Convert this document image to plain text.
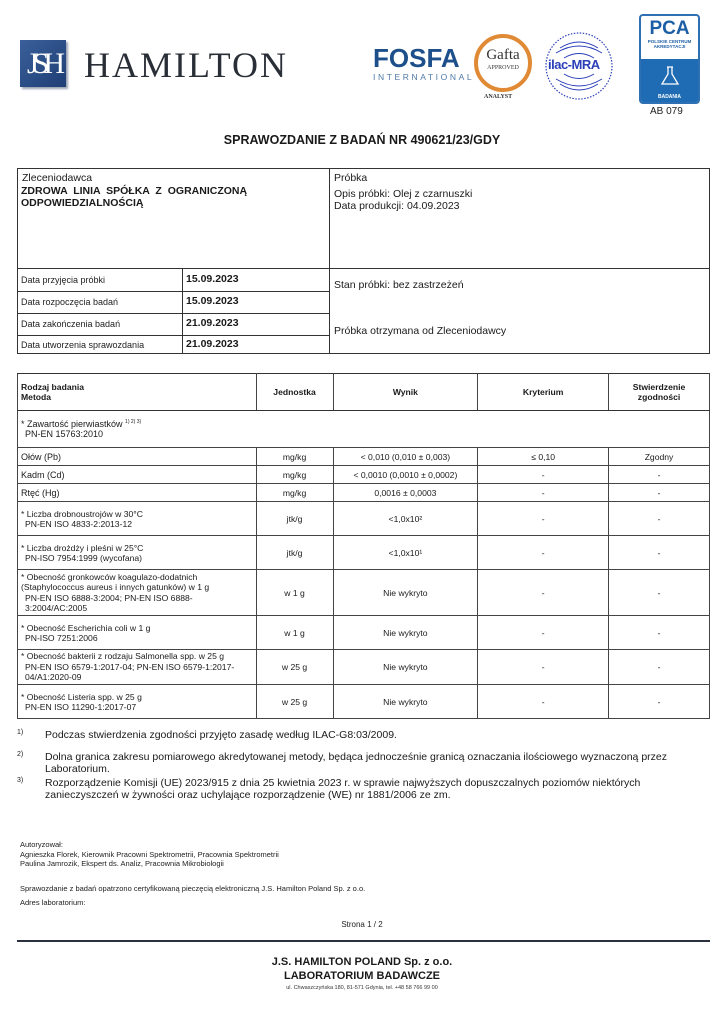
JSH HAMILTON	FOSFA
INTERNATIONAL
Gafta
APPROVED
ANALYST
ilac-MRA
PCA
POLSKIE CENTRUM
AKREDYTACJI
BADANIA
AB 079
SPRAWOZDANIE Z BADAŃ NR 490621/23/GDY
Zleceniodawca
ZDROWA LINIA SPÓŁKA Z OGRANICZONĄ
ODPOWIEDZIALNOŚCIĄ
Próbka
Opis próbki: Olej z czarnuszki
Data produkcji: 04.09.2023
Stan próbki: bez zastrzeżeń
Próbka otrzymana od Zleceniodawcy
Data przyjęcia próbki	15.09.2023
Data rozpoczęcia badań	15.09.2023
Data zakończenia badań	21.09.2023
Data utworzenia sprawozdania	21.09.2023
Rodzaj badania
Metoda	Jednostka	Wynik	Kryterium	Stwierdzenie
zgodności

* Zawartość pierwiastków $^{1) 2) 3)}$
PN-EN 15763:2010				

Ołów (Pb)	mg/kg	< 0,010 (0,010 ± 0,003)	≤ 0,10	Zgodny
Kadm (Cd)	mg/kg	< 0,0010 (0,0010 ± 0,0002)	-	-
Rtęć (Hg)	mg/kg	0,0016 ± 0,0003	-	-

* Liczba drobnoustrojów w 30°C
PN-EN ISO 4833-2:2013-12	jtk/g	<1,0x10²	-	-

* Liczba drożdży i pleśni w 25°C
PN-ISO 7954:1999 (wycofana)	jtk/g	<1,0x10¹	-	-

* Obecność gronkowców koagulazo-dodatnich (Staphylococcus aureus i innych gatunków) w 1 g
PN-EN ISO 6888-3:2004; PN-EN ISO 6888-3:2004/AC:2005	w 1 g	Nie wykryto	-	-

* Obecność Escherichia coli w 1 g
PN-ISO 7251:2006	w 1 g	Nie wykryto	-	-

* Obecność bakterii z rodzaju Salmonella spp. w 25 g
PN-EN ISO 6579-1:2017-04; PN-EN ISO 6579-1:2017-04/A1:2020-09	w 25 g	Nie wykryto	-	-

* Obecność Listeria spp. w 25 g
PN-EN ISO 11290-1:2017-07	w 25 g	Nie wykryto	-	-
1) Podczas stwierdzenia zgodności przyjęto zasadę według ILAC-G8:03/2009.
2) Dolna granica zakresu pomiarowego akredytowanej metody, będąca jednocześnie granicą oznaczania ilościowego wyznaczoną przez Laboratorium.
3) Rozporządzenie Komisji (UE) 2023/915 z dnia 25 kwietnia 2023 r. w sprawie najwyższych dopuszczalnych poziomów niektórych zanieczyszczeń w żywności oraz uchylające rozporządzenie (WE) nr 1881/2006 ze zm.
Autoryzował:
Agnieszka Florek, Kierownik Pracowni Spektrometrii, Pracownia Spektrometrii
Paulina Jamrozik, Ekspert ds. Analiz, Pracownia Mikrobiologii
Sprawozdanie z badań opatrzono certyfikowaną pieczęcią elektroniczną J.S. Hamilton Poland Sp. z o.o.
Adres laboratorium:
Strona 1 / 2
J.S. HAMILTON POLAND Sp. z o.o.
LABORATORIUM BADAWCZE
ul. Chwaszczyńska 180, 81-571 Gdynia, tel. +48 58 766 99 00
